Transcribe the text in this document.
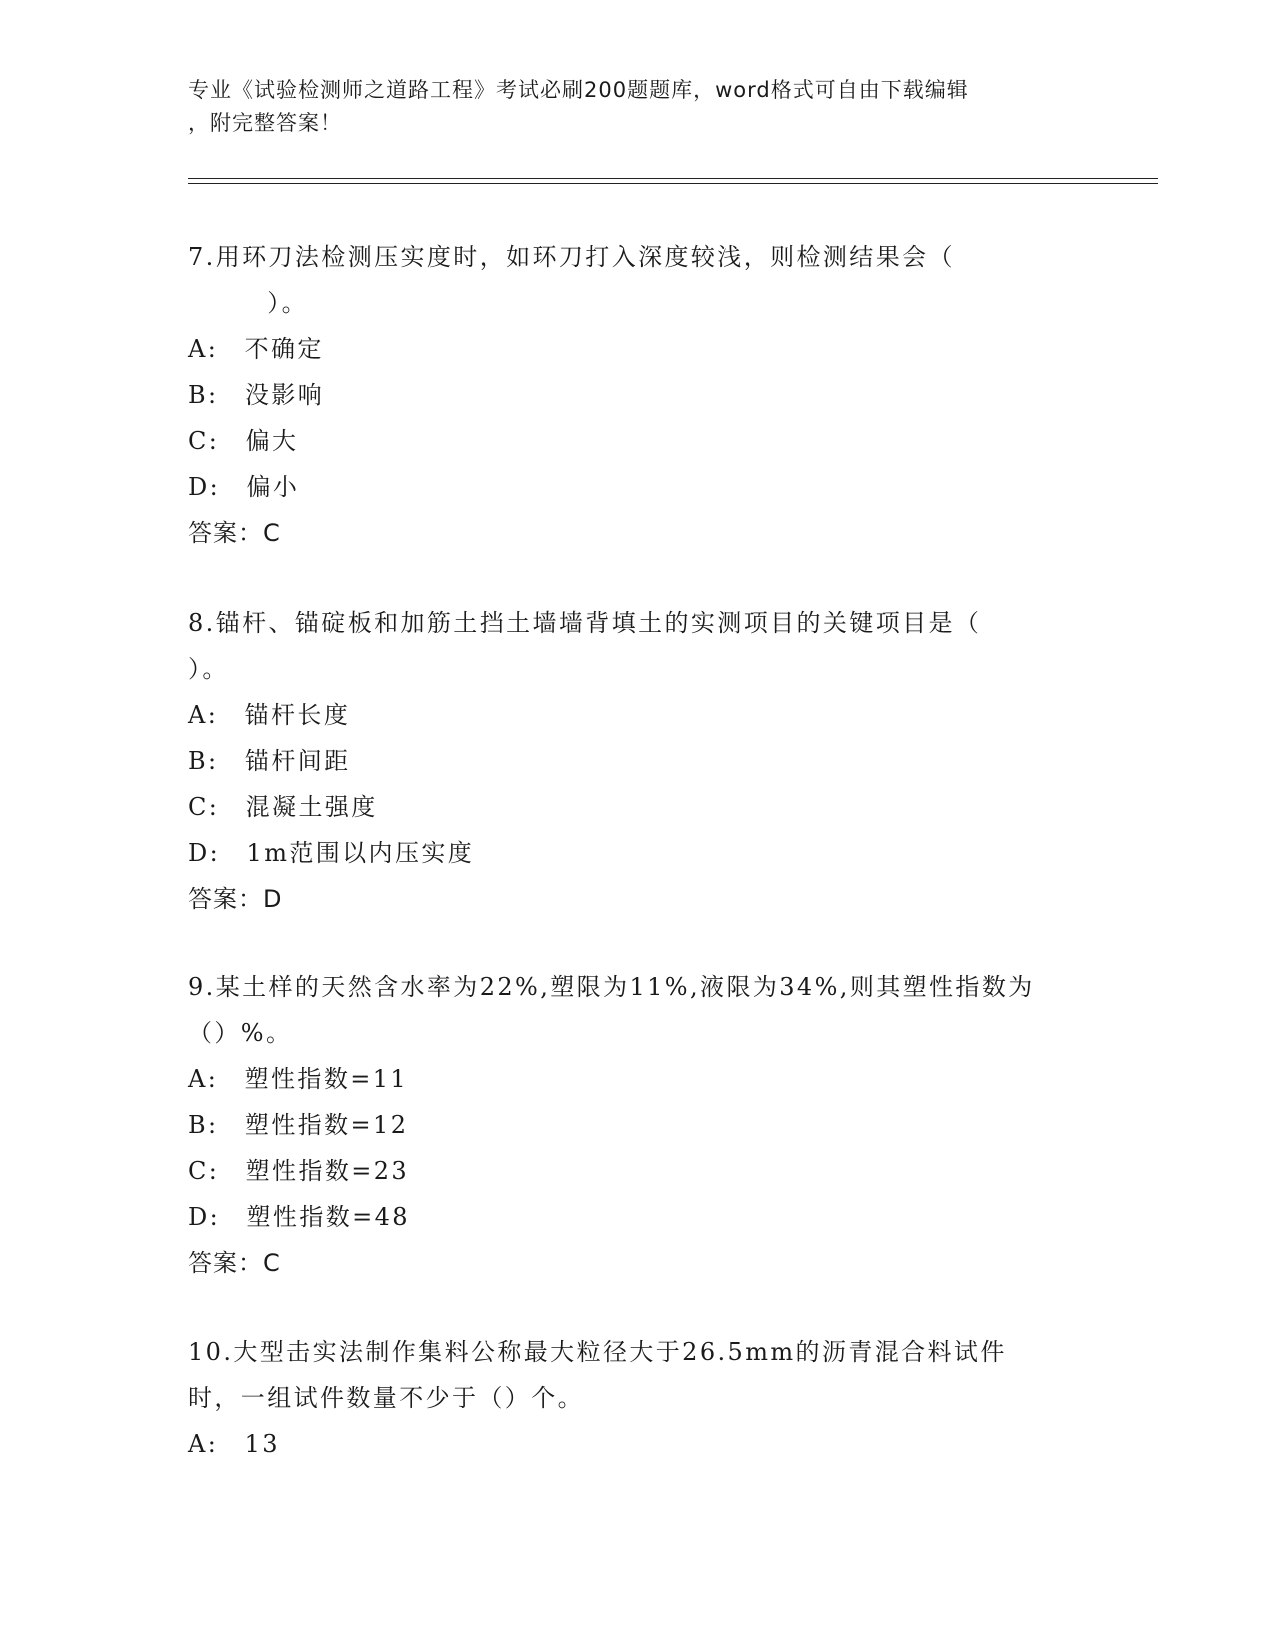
专业《试验检测师之道路工程》考试必刷200题题库，word格式可自由下载编辑
，附完整答案！
7.用环刀法检测压实度时，如环刀打入深度较浅，则检测结果会（
　　　）。
A:　不确定
B:　没影响
C:　偏大
D:　偏小
答案：C
8.锚杆、锚碇板和加筋土挡土墙墙背填土的实测项目的关键项目是（
）。
A:　锚杆长度
B:　锚杆间距
C:　混凝土强度
D:　1m范围以内压实度
答案：D
9.某土样的天然含水率为22%,塑限为11%,液限为34%,则其塑性指数为
（）%。
A:　塑性指数=11
B:　塑性指数=12
C:　塑性指数=23
D:　塑性指数=48
答案：C
10.大型击实法制作集料公称最大粒径大于26.5mm的沥青混合料试件
时，一组试件数量不少于（）个。
A:　13
